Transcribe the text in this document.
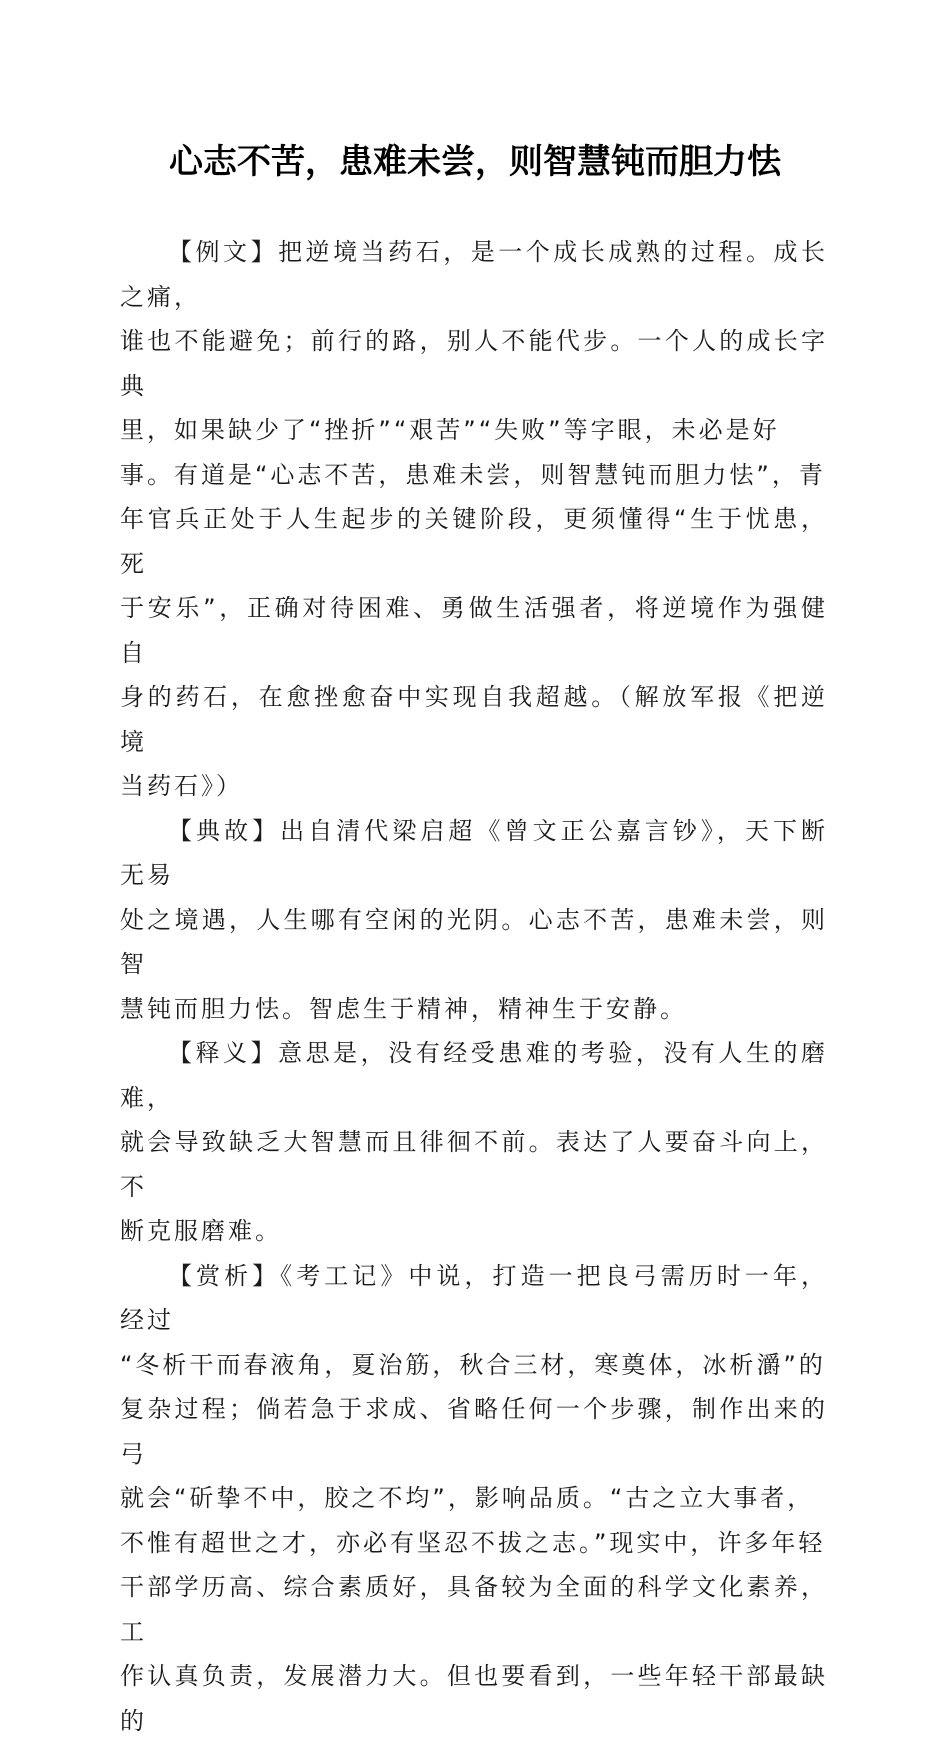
心志不苦，患难未尝，则智慧钝而胆力怯

【例文】把逆境当药石，是一个成长成熟的过程。成长之痛，
谁也不能避免；前行的路，别人不能代步。一个人的成长字典
里，如果缺少了“挫折”“艰苦”“失败”等字眼，未必是好
事。有道是“心志不苦，患难未尝，则智慧钝而胆力怯”，青
年官兵正处于人生起步的关键阶段，更须懂得“生于忧患，死
于安乐”，正确对待困难、勇做生活强者，将逆境作为强健自
身的药石，在愈挫愈奋中实现自我超越。（解放军报《把逆境
当药石》）

【典故】出自清代梁启超《曾文正公嘉言钞》，天下断无易
处之境遇，人生哪有空闲的光阴。心志不苦，患难未尝，则智
慧钝而胆力怯。智虑生于精神，精神生于安静。

【释义】意思是，没有经受患难的考验，没有人生的磨难，
就会导致缺乏大智慧而且徘徊不前。表达了人要奋斗向上，不
断克服磨难。

【赏析】《考工记》中说，打造一把良弓需历时一年，经过
“冬析干而春液角，夏治筋，秋合三材，寒奠体，冰析灂”的
复杂过程；倘若急于求成、省略任何一个步骤，制作出来的弓
就会“斫挚不中，胶之不均”，影响品质。“古之立大事者，
不惟有超世之才，亦必有坚忍不拔之志。”现实中，许多年轻
干部学历高、综合素质好，具备较为全面的科学文化素养，工
作认真负责，发展潜力大。但也要看到，一些年轻干部最缺的
